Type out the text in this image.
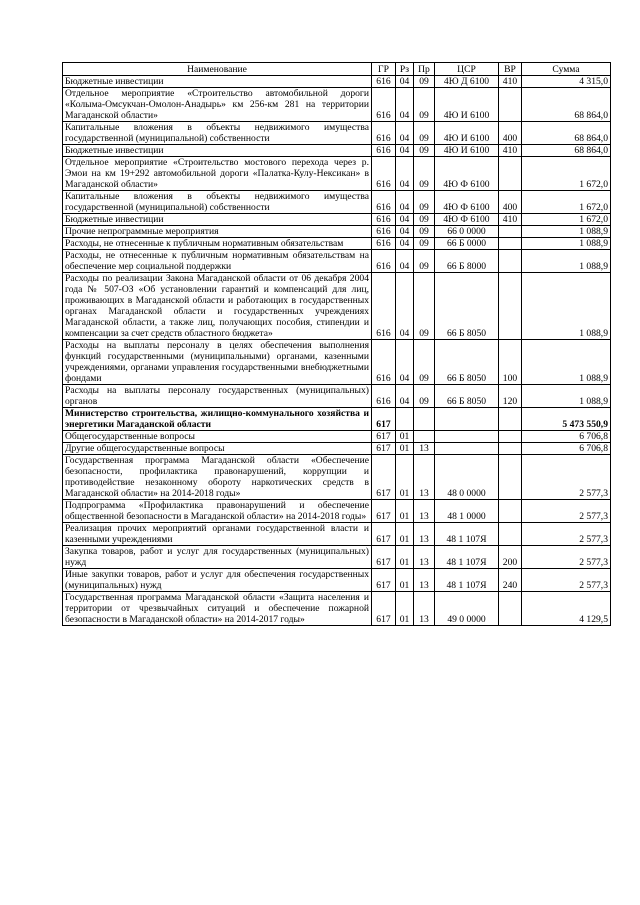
Наименование	ГР	Рз	Пр	ЦСР	ВР	Сумма
Бюджетные инвестиции	616	04	09	4Ю Д 6100	410	4 315,0
Отдельное мероприятие «Строительство автомобильной дороги «Колыма-Омсукчан-Омолон-Анадырь» км 256-км 281 на территории Магаданской области»	616	04	09	4Ю И 6100		68 864,0
Капитальные вложения в объекты недвижимого имущества государственной (муниципальной) собственности	616	04	09	4Ю И 6100	400	68 864,0
Бюджетные инвестиции	616	04	09	4Ю И 6100	410	68 864,0
Отдельное мероприятие «Строительство мостового перехода через р. Эмои на км 19+292 автомобильной дороги «Палатка-Кулу-Нексикан» в Магаданской области»	616	04	09	4Ю Ф 6100		1 672,0
Капитальные вложения в объекты недвижимого имущества государственной (муниципальной) собственности	616	04	09	4Ю Ф 6100	400	1 672,0
Бюджетные инвестиции	616	04	09	4Ю Ф 6100	410	1 672,0
Прочие непрограммные мероприятия	616	04	09	66 0 0000		1 088,9
Расходы, не отнесенные к публичным нормативным обязательствам	616	04	09	66 Б 0000		1 088,9
Расходы, не отнесенные к публичным нормативным обязательствам на обеспечение мер социальной поддержки	616	04	09	66 Б 8000		1 088,9
Расходы по реализации Закона Магаданской области от 06 декабря 2004 года № 507-ОЗ «Об установлении гарантий и компенсаций для лиц, проживающих в Магаданской области и работающих в государственных органах Магаданской области и государственных учреждениях Магаданской области, а также лиц, получающих пособия, стипендии и компенсации за счет средств областного бюджета»	616	04	09	66 Б 8050		1 088,9
Расходы на выплаты персоналу в целях обеспечения выполнения функций государственными (муниципальными) органами, казенными учреждениями, органами управления государственными внебюджетными фондами	616	04	09	66 Б 8050	100	1 088,9
Расходы на выплаты персоналу государственных (муниципальных) органов	616	04	09	66 Б 8050	120	1 088,9
Министерство строительства, жилищно-коммунального хозяйства и энергетики Магаданской области	617					5 473 550,9
Общегосударственные вопросы	617	01				6 706,8
Другие общегосударственные вопросы	617	01	13			6 706,8
Государственная программа Магаданской области «Обеспечение безопасности, профилактика правонарушений, коррупции и противодействие незаконному обороту наркотических средств в Магаданской области» на 2014-2018 годы»	617	01	13	48 0 0000		2 577,3
Подпрограмма «Профилактика правонарушений и обеспечение общественной безопасности в Магаданской области» на 2014-2018 годы»	617	01	13	48 1 0000		2 577,3
Реализация прочих мероприятий органами государственной власти и казенными учреждениями	617	01	13	48 1 107Я		2 577,3
Закупка товаров, работ и услуг для государственных (муниципальных) нужд	617	01	13	48 1 107Я	200	2 577,3
Иные закупки товаров, работ и услуг для обеспечения государственных (муниципальных) нужд	617	01	13	48 1 107Я	240	2 577,3
Государственная программа Магаданской области «Защита населения и территории от чрезвычайных ситуаций и обеспечение пожарной безопасности в Магаданской области» на 2014-2017 годы»	617	01	13	49 0 0000		4 129,5
